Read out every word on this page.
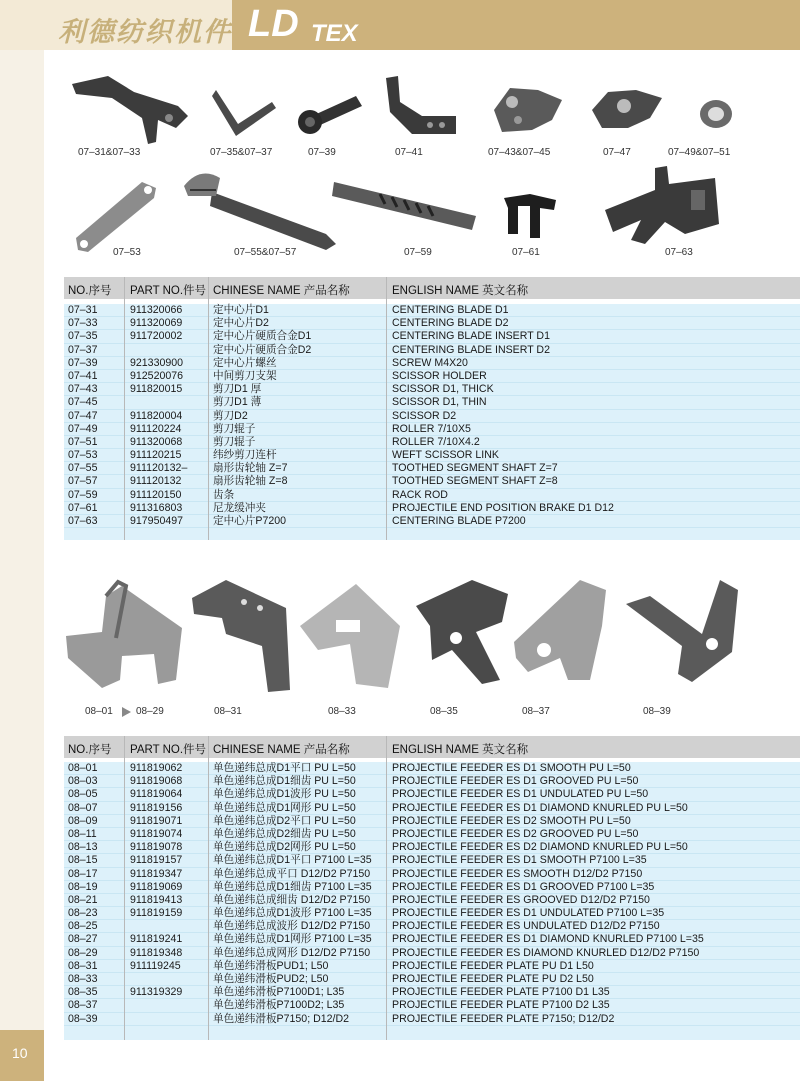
利德纺织机件 LD TEX
10
07–31&07–33	07–35&07–37	07–39	07–41	07–43&07–45	07–47	07–49&07–51
07–53	07–55&07–57	07–59	07–61	07–63
NO.序号 PART NO.件号 CHINESE NAME 产品名称	ENGLISH NAME 英文名称
07–31	911320066	定中心片D1	CENTERING BLADE D1
07–33	911320069	定中心片D2	CENTERING BLADE D2
07–35	911720002	定中心片硬质合金D1	CENTERING BLADE INSERT D1
07–37	定中心片硬质合金D2	CENTERING BLADE INSERT D2
07–39	921330900	定中心片螺丝	SCREW M4X20
07–41	912520076	中间剪刀支架	SCISSOR HOLDER
07–43	911820015	剪刀D1 厚	SCISSOR D1, THICK
07–45	剪刀D1 薄	SCISSOR D1, THIN
07–47	911820004	剪刀D2	SCISSOR D2
07–49	911120224	剪刀辊子	ROLLER 7/10X5
07–51	911320068	剪刀辊子	ROLLER 7/10X4.2
07–53	911120215	纬纱剪刀连杆	WEFT SCISSOR LINK
07–55	911120132– 扇形齿轮轴 Z=7	TOOTHED SEGMENT SHAFT Z=7
07–57	911120132	扇形齿轮轴 Z=8	TOOTHED SEGMENT SHAFT Z=8
07–59	911120150	齿条	RACK ROD
07–61	911316803	尼龙缓冲夹	PROJECTILE END POSITION BRAKE D1 D12
07–63	917950497	定中心片P7200	CENTERING BLADE P7200
08–01 08–29	08–31	08–33	08–35	08–37	08–39
NO.序号 PART NO.件号 CHINESE NAME 产品名称	ENGLISH NAME 英文名称
08–01	911819062	单色递纬总成D1平口 PU L=50	PROJECTILE FEEDER ES D1 SMOOTH PU L=50
08–03	911819068	单色递纬总成D1细齿 PU L=50	PROJECTILE FEEDER ES D1 GROOVED PU L=50
08–05	911819064	单色递纬总成D1波形 PU L=50	PROJECTILE FEEDER ES D1 UNDULATED PU L=50
08–07	911819156	单色递纬总成D1网形 PU L=50	PROJECTILE FEEDER ES D1 DIAMOND KNURLED PU L=50
08–09	911819071	单色递纬总成D2平口 PU L=50	PROJECTILE FEEDER ES D2 SMOOTH PU L=50
08–11	911819074	单色递纬总成D2细齿 PU L=50	PROJECTILE FEEDER ES D2 GROOVED PU L=50
08–13	911819078	单色递纬总成D2网形 PU L=50	PROJECTILE FEEDER ES D2 DIAMOND KNURLED PU L=50
08–15	911819157	单色递纬总成D1平口 P7100 L=35 PROJECTILE FEEDER ES D1 SMOOTH P7100 L=35
08–17	911819347	单色递纬总成平口 D12/D2 P7150 PROJECTILE FEEDER ES SMOOTH D12/D2 P7150
08–19	911819069	单色递纬总成D1细齿 P7100 L=35 PROJECTILE FEEDER ES D1 GROOVED P7100 L=35
08–21	911819413	单色递纬总成细齿 D12/D2 P7150 PROJECTILE FEEDER ES GROOVED D12/D2 P7150
08–23	911819159	单色递纬总成D1波形 P7100 L=35 PROJECTILE FEEDER ES D1 UNDULATED P7100 L=35
08–25	单色递纬总成波形 D12/D2 P7150 PROJECTILE FEEDER ES UNDULATED D12/D2 P7150
08–27	911819241	单色递纬总成D1网形 P7100 L=35 PROJECTILE FEEDER ES D1 DIAMOND KNURLED P7100 L=35
08–29	911819348	单色递纬总成网形 D12/D2 P7150 PROJECTILE FEEDER ES DIAMOND KNURLED D12/D2 P7150
08–31	911119245	单色递纬滑板PUD1; L50	PROJECTILE FEEDER PLATE PU D1 L50
08–33	单色递纬滑板PUD2; L50	PROJECTILE FEEDER PLATE PU D2 L50
08–35	911319329	单色递纬滑板P7100D1; L35	PROJECTILE FEEDER PLATE P7100 D1 L35
08–37	单色递纬滑板P7100D2; L35	PROJECTILE FEEDER PLATE P7100 D2 L35
08–39	单色递纬滑板P7150; D12/D2	PROJECTILE FEEDER PLATE P7150; D12/D2
